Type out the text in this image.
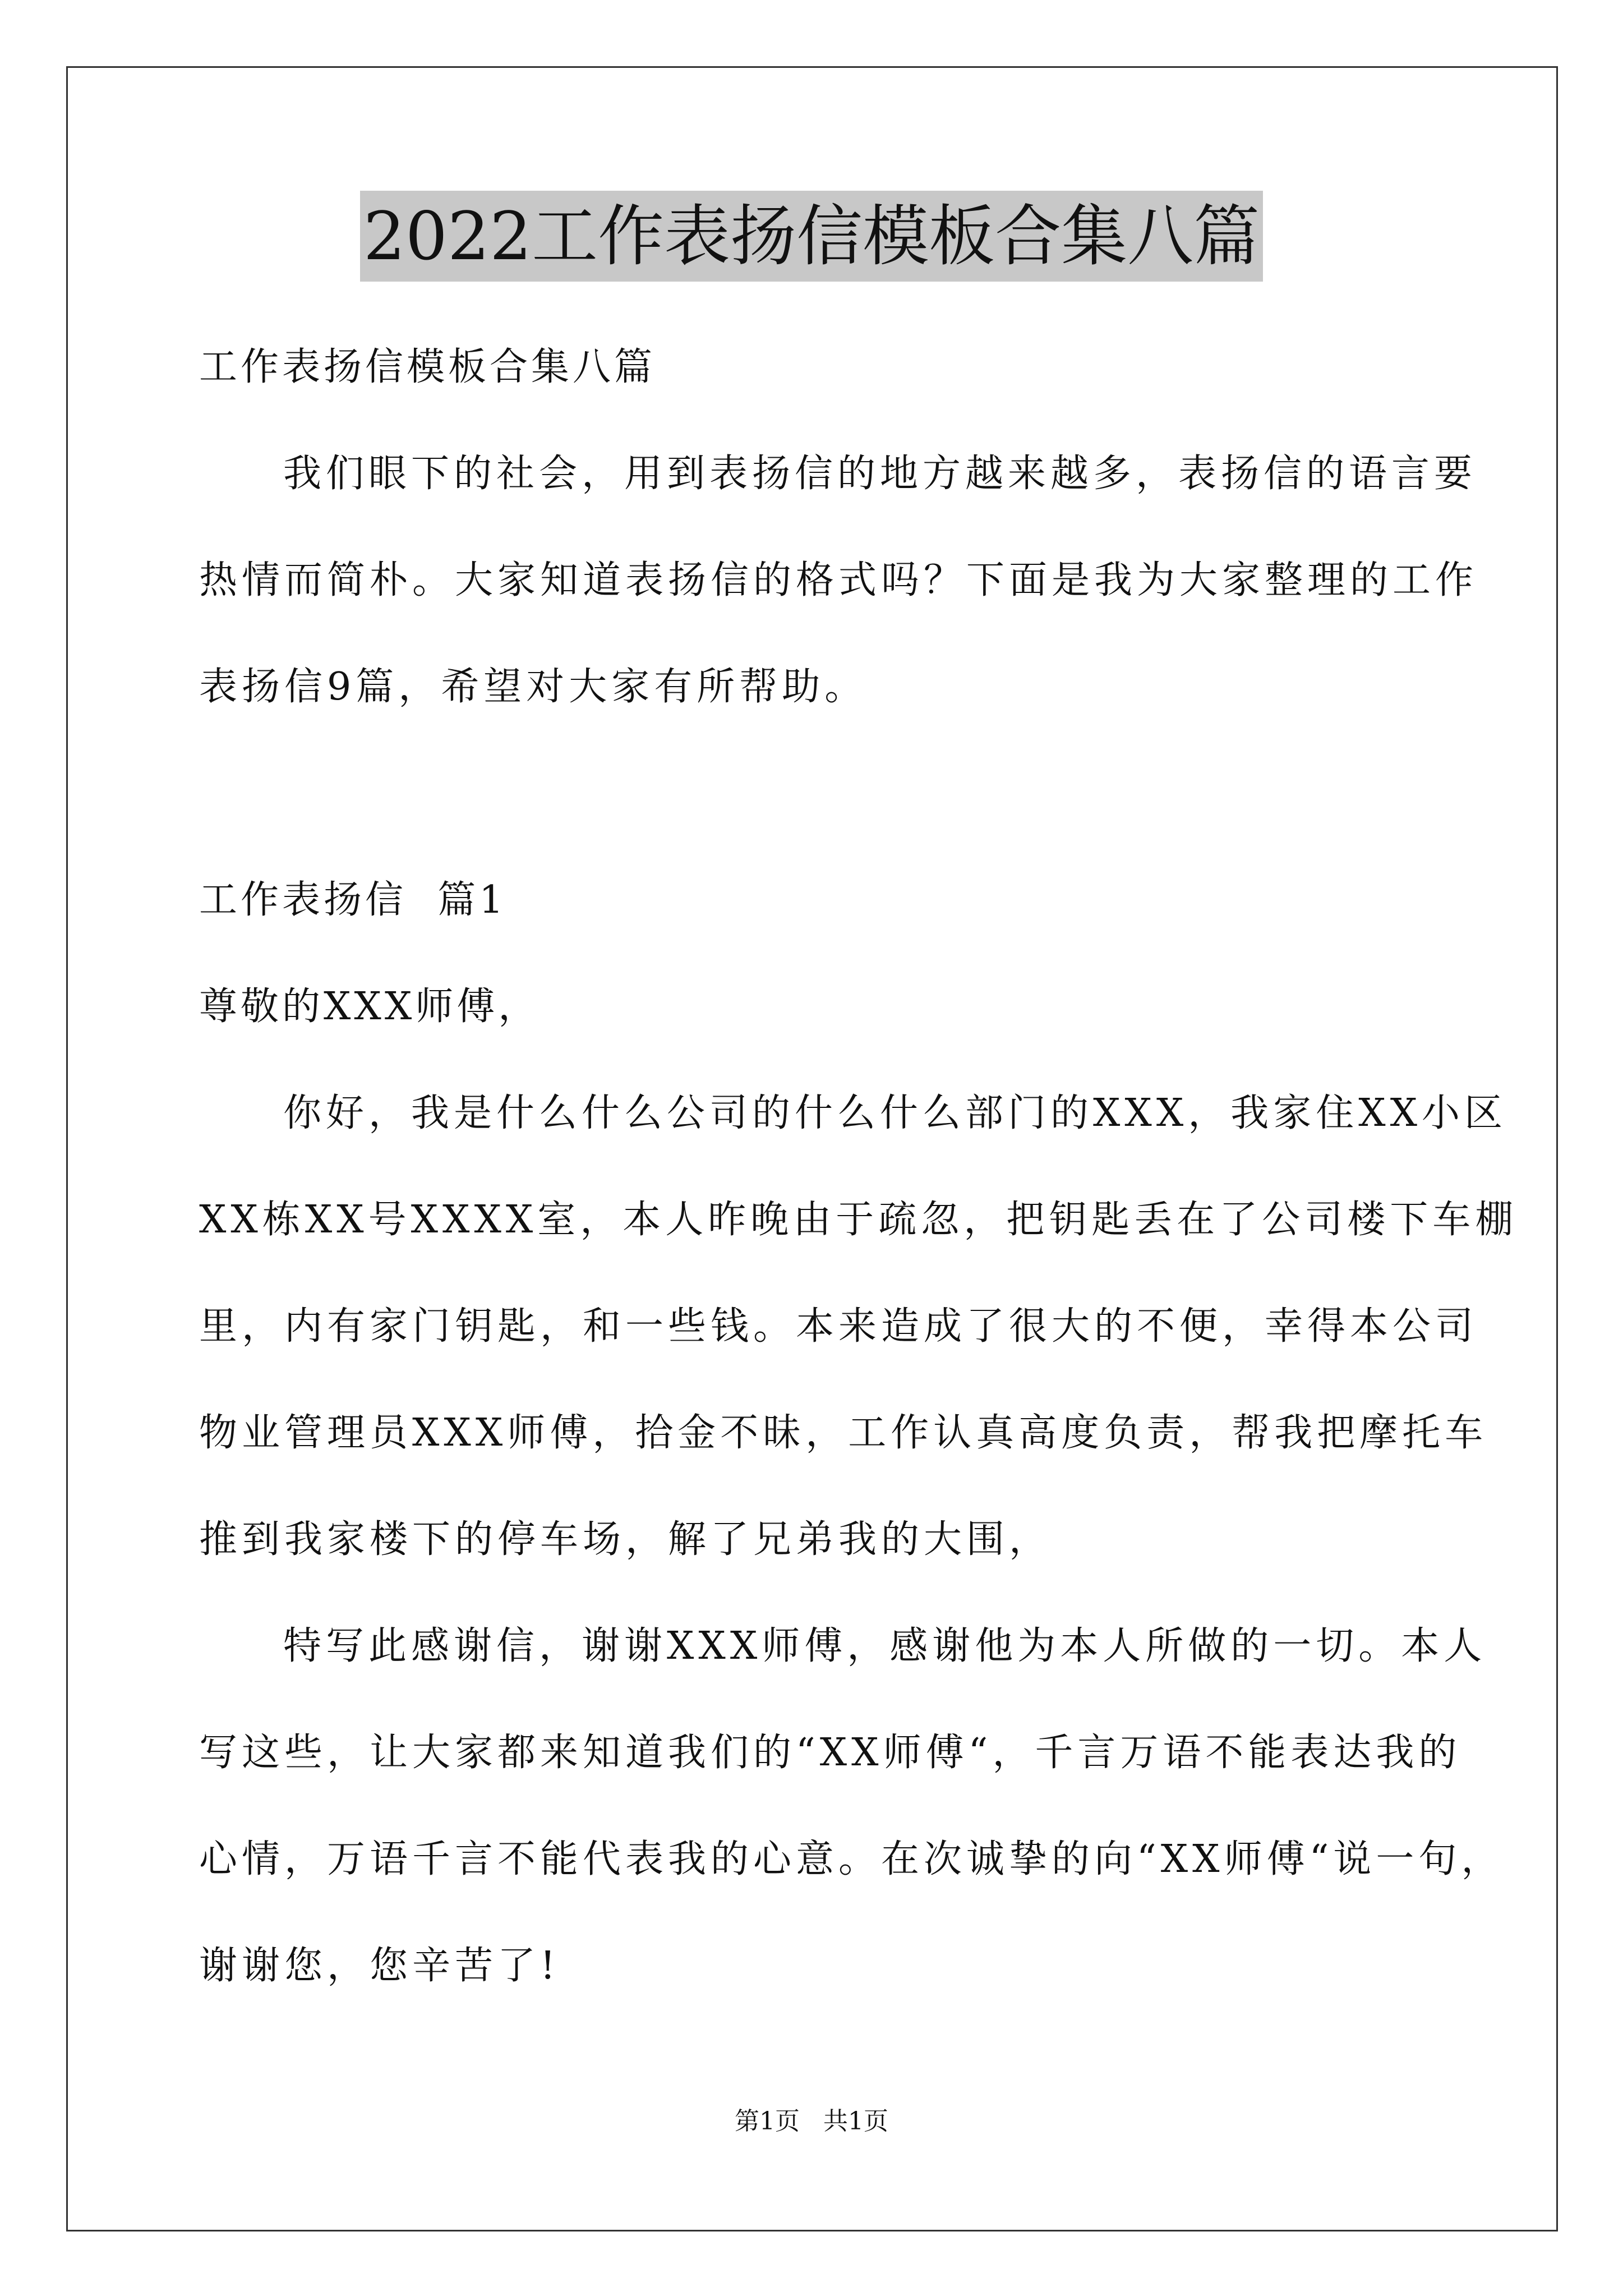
2022工作表扬信模板合集八篇
工作表扬信模板合集八篇
我们眼下的社会，用到表扬信的地方越来越多，表扬信的语言要
热情而简朴。大家知道表扬信的格式吗？下面是我为大家整理的工作
表扬信9篇，希望对大家有所帮助。
工作表扬信  篇1
尊敬的XXX师傅，
你好，我是什么什么公司的什么什么部门的XXX，我家住XX小区
XX栋XX号XXXX室，本人昨晚由于疏忽，把钥匙丢在了公司楼下车棚
里，内有家门钥匙，和一些钱。本来造成了很大的不便，幸得本公司
物业管理员XXX师傅，拾金不昧，工作认真高度负责，帮我把摩托车
推到我家楼下的停车场，解了兄弟我的大围，
特写此感谢信，谢谢XXX师傅，感谢他为本人所做的一切。本人
写这些，让大家都来知道我们的“XX师傅“，千言万语不能表达我的
心情，万语千言不能代表我的心意。在次诚挚的向“XX师傅“说一句，
谢谢您，您辛苦了!
第1页   共1页
